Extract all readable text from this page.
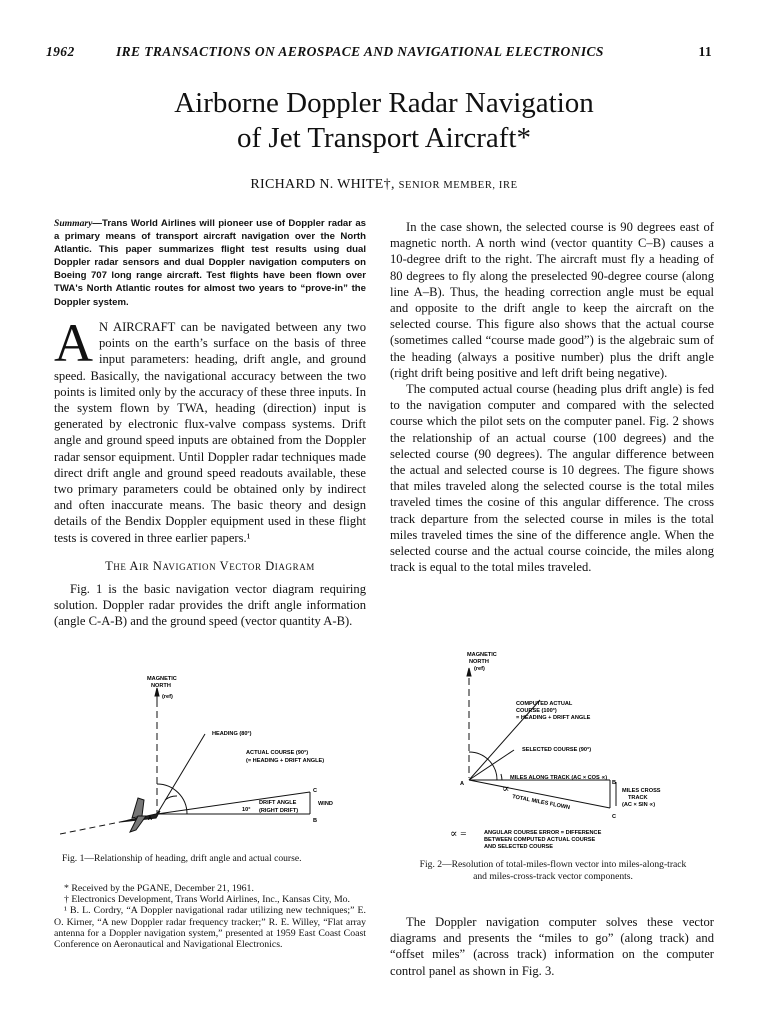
1962	IRE TRANSACTIONS ON AEROSPACE AND NAVIGATIONAL ELECTRONICS	11
Airborne Doppler Radar Navigation
of Jet Transport Aircraft*
RICHARD N. WHITE†, SENIOR MEMBER, IRE
Summary—Trans World Airlines will pioneer use of Doppler radar as a primary means of transport aircraft navigation over the North Atlantic. This paper summarizes flight test results using dual Doppler radar sensors and dual Doppler navigation computers on Boeing 707 long range aircraft. Test flights have been flown over TWA's North Atlantic routes for almost two years to “prove-in” the Doppler system.
A N AIRCRAFT can be navigated between any two points on the earth’s surface on the basis of three input parameters: heading, drift angle, and ground speed. Basically, the navigational accuracy between the two points is limited only by the accuracy of these three inputs. In the system flown by TWA, heading (direction) input is generated by electronic flux-valve compass systems. Drift angle and ground speed inputs are obtained from the Doppler radar sensor equipment. Until Doppler radar techniques made direct drift angle and ground speed readouts available, these two primary parameters could be obtained only by indirect and often inaccurate means. The basic theory and design details of the Bendix Doppler equipment used in these flight tests is covered in three earlier papers.¹
The Air Navigation Vector Diagram
Fig. 1 is the basic navigation vector diagram requiring solution. Doppler radar provides the drift angle information (angle C-A-B) and the ground speed (vector quantity A-B).
In the case shown, the selected course is 90 degrees east of magnetic north. A north wind (vector quantity C–B) causes a 10-degree drift to the right. The aircraft must fly a heading of 80 degrees to fly along the preselected 90-degree course (along line A–B). Thus, the heading correction angle must be equal and opposite to the drift angle to keep the aircraft on the selected course. This figure also shows that the actual course (sometimes called “course made good”) is the algebraic sum of the heading (always a positive number) plus the drift angle (right drift being positive and left drift being negative).
The computed actual course (heading plus drift angle) is fed to the navigation computer and compared with the selected course which the pilot sets on the computer panel. Fig. 2 shows the relationship of an actual course (100 degrees) and the selected course (90 degrees). The angular difference between the actual and selected course is 10 degrees. The figure shows that miles traveled along the selected course is the total miles traveled times the cosine of this angular difference. The cross track departure from the selected course in miles is the total miles traveled times the sine of the difference angle. When the selected course and the actual course coincide, the miles along track is equal to the total miles traveled.
The Doppler navigation computer solves these vector diagrams and presents the “miles to go” (along track) and “offset miles” (across track) information on the computer control panel as shown in Fig. 3.
MAGNETIC
NORTH
(ref)
HEADING (80°)
ACTUAL COURSE (90°)
(= HEADING + DRIFT ANGLE)
DRIFT ANGLE
(RIGHT DRIFT)
10°
WIND
A	B
C
Fig. 1—Relationship of heading, drift angle and actual course.
MAGNETIC
NORTH
(ref)
COMPUTED ACTUAL
COURSE (100°)
= HEADING + DRIFT ANGLE
SELECTED COURSE (90°)
MILES ALONG TRACK (AC × COS ∝)
MILES CROSS
TRACK
(AC × SIN ∝)
TOTAL MILES FLOWN
∝
A	B
C
∝ =	ANGULAR COURSE ERROR = DIFFERENCE
BETWEEN COMPUTED ACTUAL COURSE
AND SELECTED COURSE
Fig. 2—Resolution of total-miles-flown vector into miles-along-track
and miles-cross-track vector components.
* Received by the PGANE, December 21, 1961.
† Electronics Development, Trans World Airlines, Inc., Kansas City, Mo.
¹ B. L. Cordry, “A Doppler navigational radar utilizing new techniques;” E. O. Kirner, “A new Doppler radar frequency tracker;” R. E. Willey, “Flat array antenna for a Doppler navigation system,” presented at 1959 East Coast Coast Conference on Aeronautical and Navigational Electronics.
